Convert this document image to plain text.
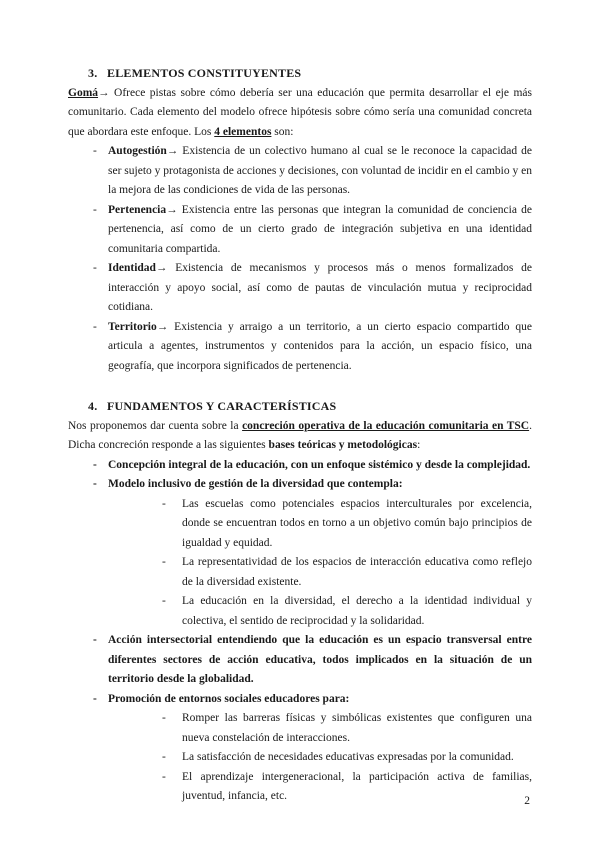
3. ELEMENTOS CONSTITUYENTES

Gomá→ Ofrece pistas sobre cómo debería ser una educación que permita desarrollar el eje más comunitario. Cada elemento del modelo ofrece hipótesis sobre cómo sería una comunidad concreta que abordara este enfoque. Los 4 elementos son:

- Autogestión→ Existencia de un colectivo humano al cual se le reconoce la capacidad de ser sujeto y protagonista de acciones y decisiones, con voluntad de incidir en el cambio y en la mejora de las condiciones de vida de las personas.
- Pertenencia→ Existencia entre las personas que integran la comunidad de conciencia de pertenencia, así como de un cierto grado de integración subjetiva en una identidad comunitaria compartida.
- Identidad→ Existencia de mecanismos y procesos más o menos formalizados de interacción y apoyo social, así como de pautas de vinculación mutua y reciprocidad cotidiana.
- Territorio→ Existencia y arraigo a un territorio, a un cierto espacio compartido que articula a agentes, instrumentos y contenidos para la acción, un espacio físico, una geografía, que incorpora significados de pertenencia.
4. FUNDAMENTOS Y CARACTERÍSTICAS

Nos proponemos dar cuenta sobre la concreción operativa de la educación comunitaria en TSC. Dicha concreción responde a las siguientes bases teóricas y metodológicas:

- Concepción integral de la educación, con un enfoque sistémico y desde la complejidad.
- Modelo inclusivo de gestión de la diversidad que contempla:
- Las escuelas como potenciales espacios interculturales por excelencia, donde se encuentran todos en torno a un objetivo común bajo principios de igualdad y equidad.
- La representatividad de los espacios de interacción educativa como reflejo de la diversidad existente.
- La educación en la diversidad, el derecho a la identidad individual y colectiva, el sentido de reciprocidad y la solidaridad.
- Acción intersectorial entendiendo que la educación es un espacio transversal entre diferentes sectores de acción educativa, todos implicados en la situación de un territorio desde la globalidad.
- Promoción de entornos sociales educadores para:
- Romper las barreras físicas y simbólicas existentes que configuren una nueva constelación de interacciones.
- La satisfacción de necesidades educativas expresadas por la comunidad.
- El aprendizaje intergeneracional, la participación activa de familias, juventud, infancia, etc.	2
